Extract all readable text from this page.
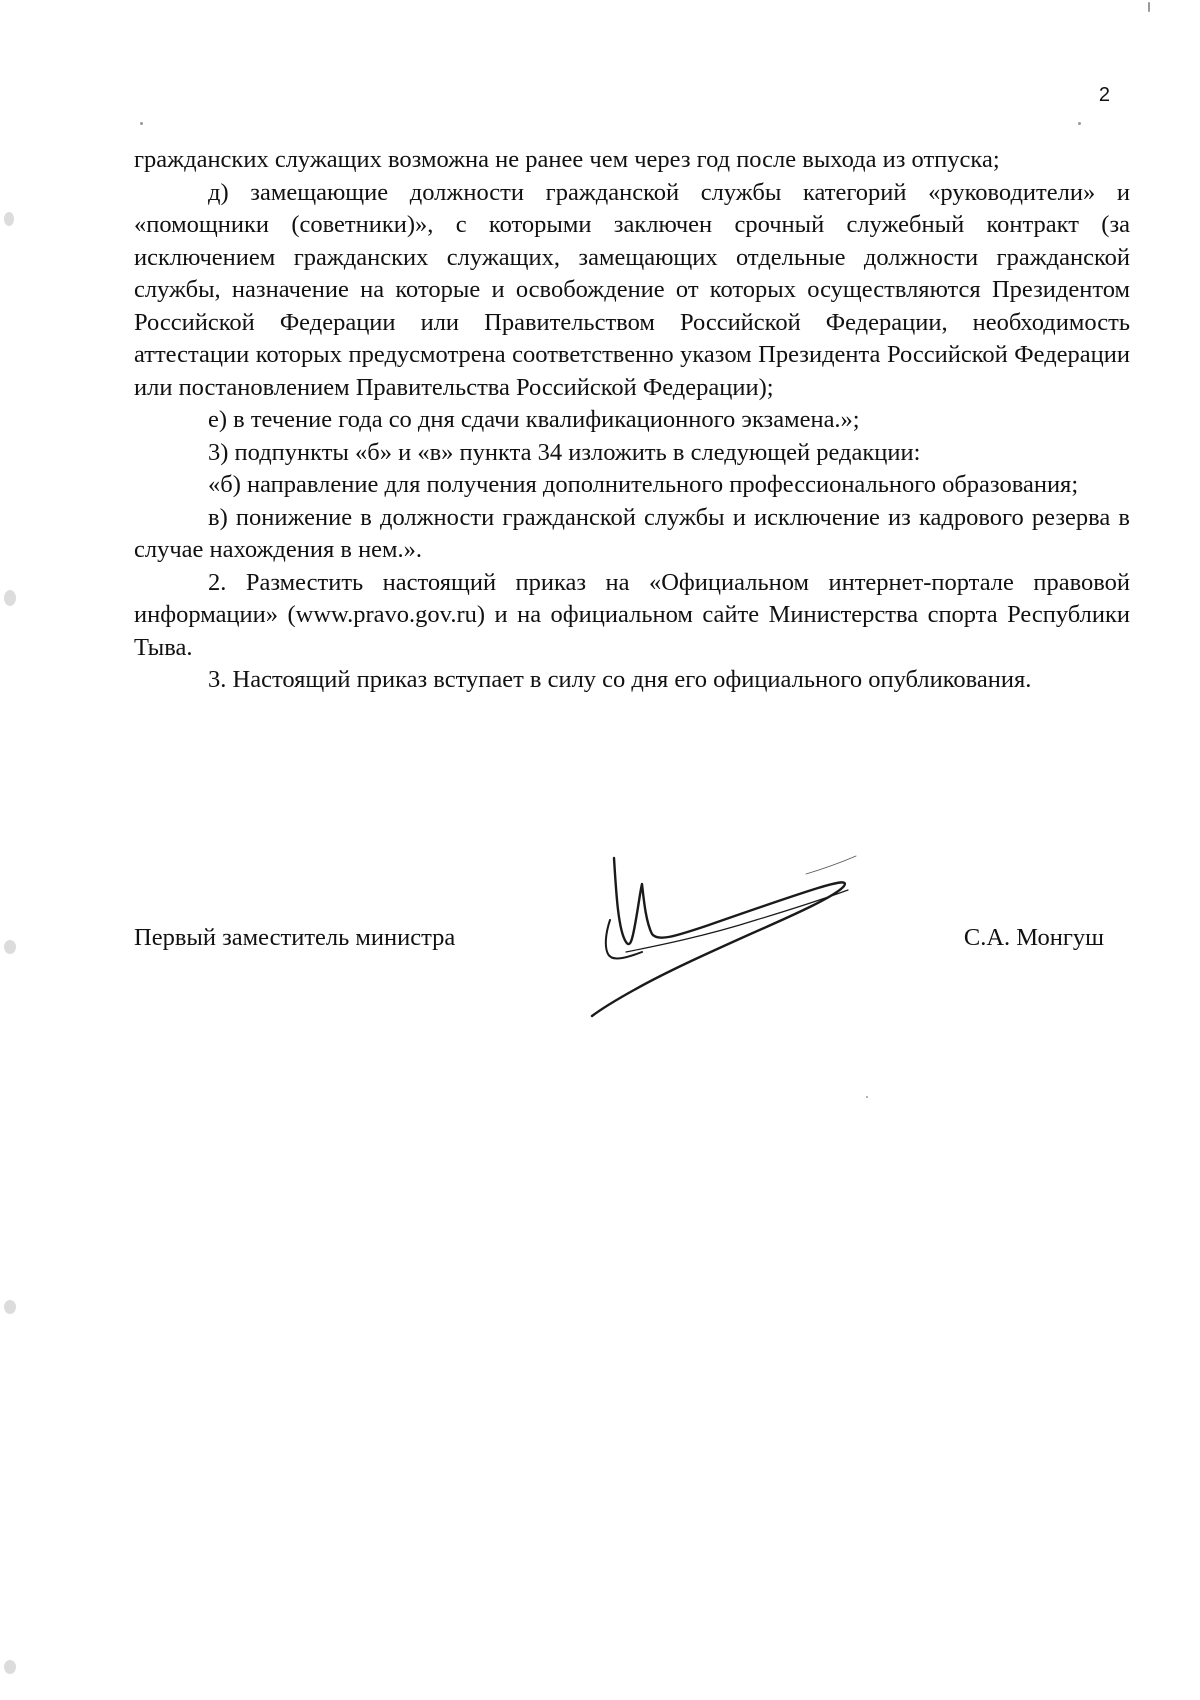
2

гражданских служащих возможна не ранее чем через год после выхода из отпуска;

д) замещающие должности гражданской службы категорий «руководители» и «помощники (советники)», с которыми заключен срочный служебный контракт (за исключением гражданских служащих, замещающих отдельные должности гражданской службы, назначение на которые и освобождение от которых осуществляются Президентом Российской Федерации или Правительством Российской Федерации, необходимость аттестации которых предусмотрена соответственно указом Президента Российской Федерации или постановлением Правительства Российской Федерации);

е) в течение года со дня сдачи квалификационного экзамена.»;

3) подпункты «б» и «в» пункта 34 изложить в следующей редакции:

«б) направление для получения дополнительного профессионального образования;

в) понижение в должности гражданской службы и исключение из кадрового резерва в случае нахождения в нем.».

2. Разместить настоящий приказ на «Официальном интернет-портале правовой информации» (www.pravo.gov.ru) и на официальном сайте Министерства спорта Республики Тыва.

3. Настоящий приказ вступает в силу со дня его официального опубликования.

Первый заместитель министра	С.А. Монгуш
